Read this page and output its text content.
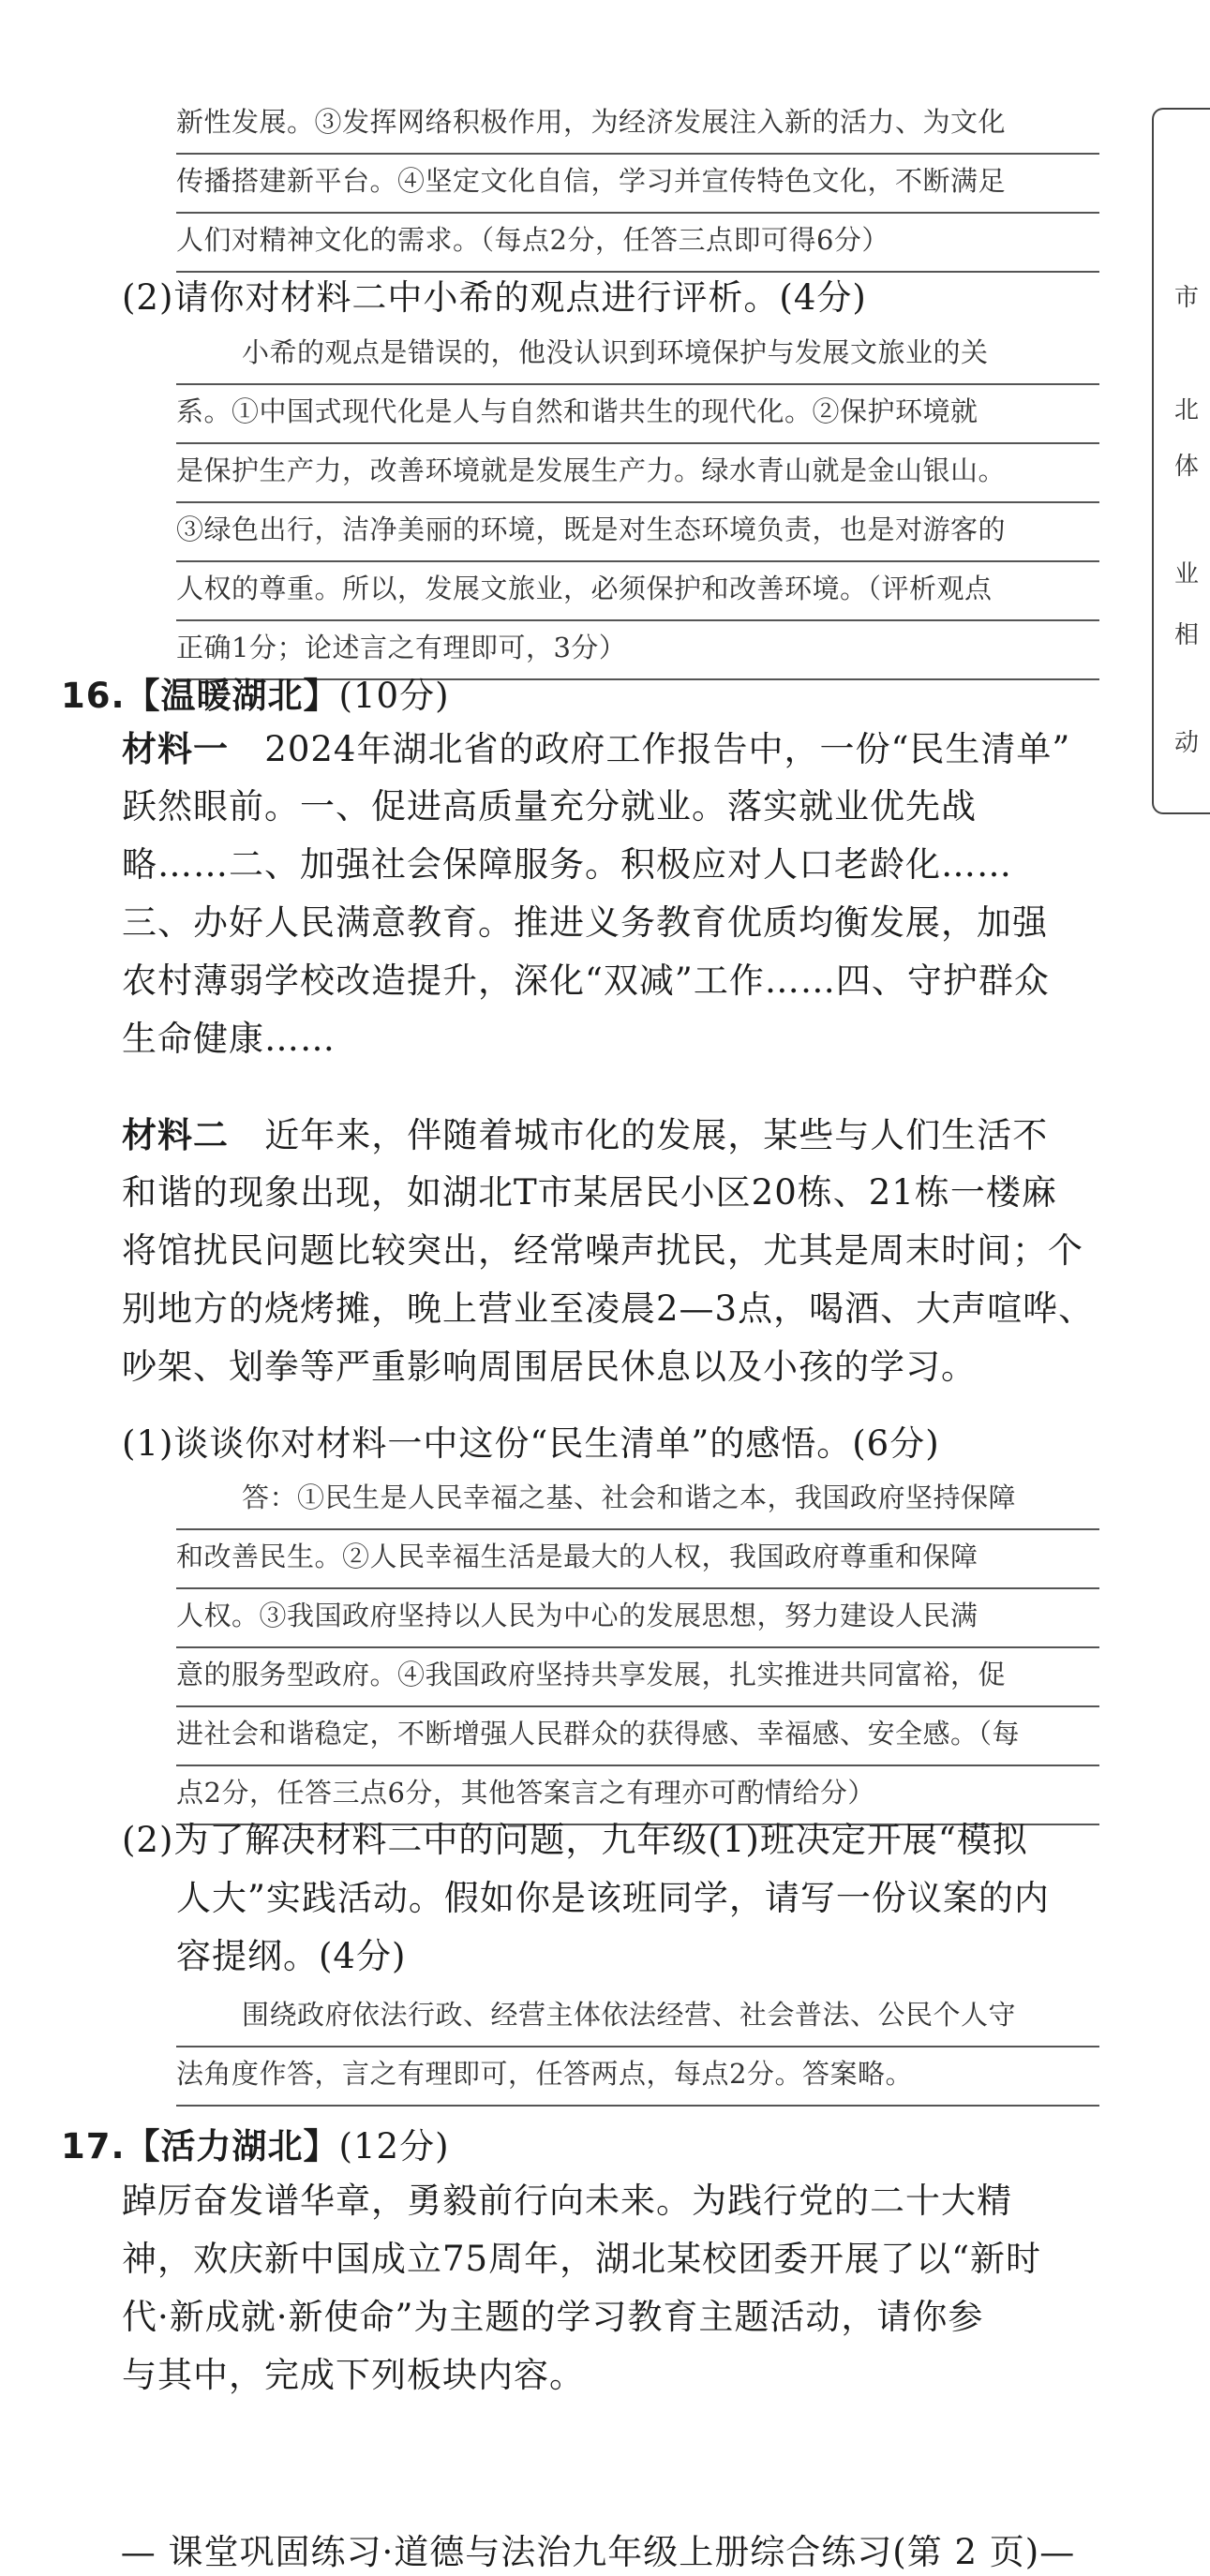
新性发展。③发挥网络积极作用，为经济发展注入新的活力、为文化
传播搭建新平台。④坚定文化自信，学习并宣传特色文化，不断满足
人们对精神文化的需求。（每点2分，任答三点即可得6分）
(2)请你对材料二中小希的观点进行评析。(4分)
小希的观点是错误的，他没认识到环境保护与发展文旅业的关
系。①中国式现代化是人与自然和谐共生的现代化。②保护环境就
是保护生产力，改善环境就是发展生产力。绿水青山就是金山银山。
③绿色出行，洁净美丽的环境，既是对生态环境负责，也是对游客的
人权的尊重。所以，发展文旅业，必须保护和改善环境。（评析观点
正确1分；论述言之有理即可，3分）
16.【温暖湖北】(10分)
材料一 2024年湖北省的政府工作报告中，一份“民生清单”
跃然眼前。一、促进高质量充分就业。落实就业优先战
略……二、加强社会保障服务。积极应对人口老龄化……
三、办好人民满意教育。推进义务教育优质均衡发展，加强
农村薄弱学校改造提升，深化“双减”工作……四、守护群众
生命健康……
材料二 近年来，伴随着城市化的发展，某些与人们生活不
和谐的现象出现，如湖北T市某居民小区20栋、21栋一楼麻
将馆扰民问题比较突出，经常噪声扰民，尤其是周末时间；个
别地方的烧烤摊，晚上营业至凌晨2—3点，喝酒、大声喧哗、
吵架、划拳等严重影响周围居民休息以及小孩的学习。
(1)谈谈你对材料一中这份“民生清单”的感悟。(6分)
答：①民生是人民幸福之基、社会和谐之本，我国政府坚持保障
和改善民生。②人民幸福生活是最大的人权，我国政府尊重和保障
人权。③我国政府坚持以人民为中心的发展思想，努力建设人民满
意的服务型政府。④我国政府坚持共享发展，扎实推进共同富裕，促
进社会和谐稳定，不断增强人民群众的获得感、幸福感、安全感。（每
点2分，任答三点6分，其他答案言之有理亦可酌情给分）
(2)为了解决材料二中的问题，九年级(1)班决定开展“模拟
人大”实践活动。假如你是该班同学，请写一份议案的内
容提纲。(4分)
围绕政府依法行政、经营主体依法经营、社会普法、公民个人守
法角度作答，言之有理即可，任答两点，每点2分。答案略。
17.【活力湖北】(12分)
踔厉奋发谱华章，勇毅前行向未来。为践行党的二十大精
神，欢庆新中国成立75周年，湖北某校团委开展了以“新时
代·新成就·新使命”为主题的学习教育主题活动，请你参
与其中，完成下列板块内容。
市
北
体
业
相
动
— 课堂巩固练习·道德与法治九年级上册综合练习(第 2 页)—
